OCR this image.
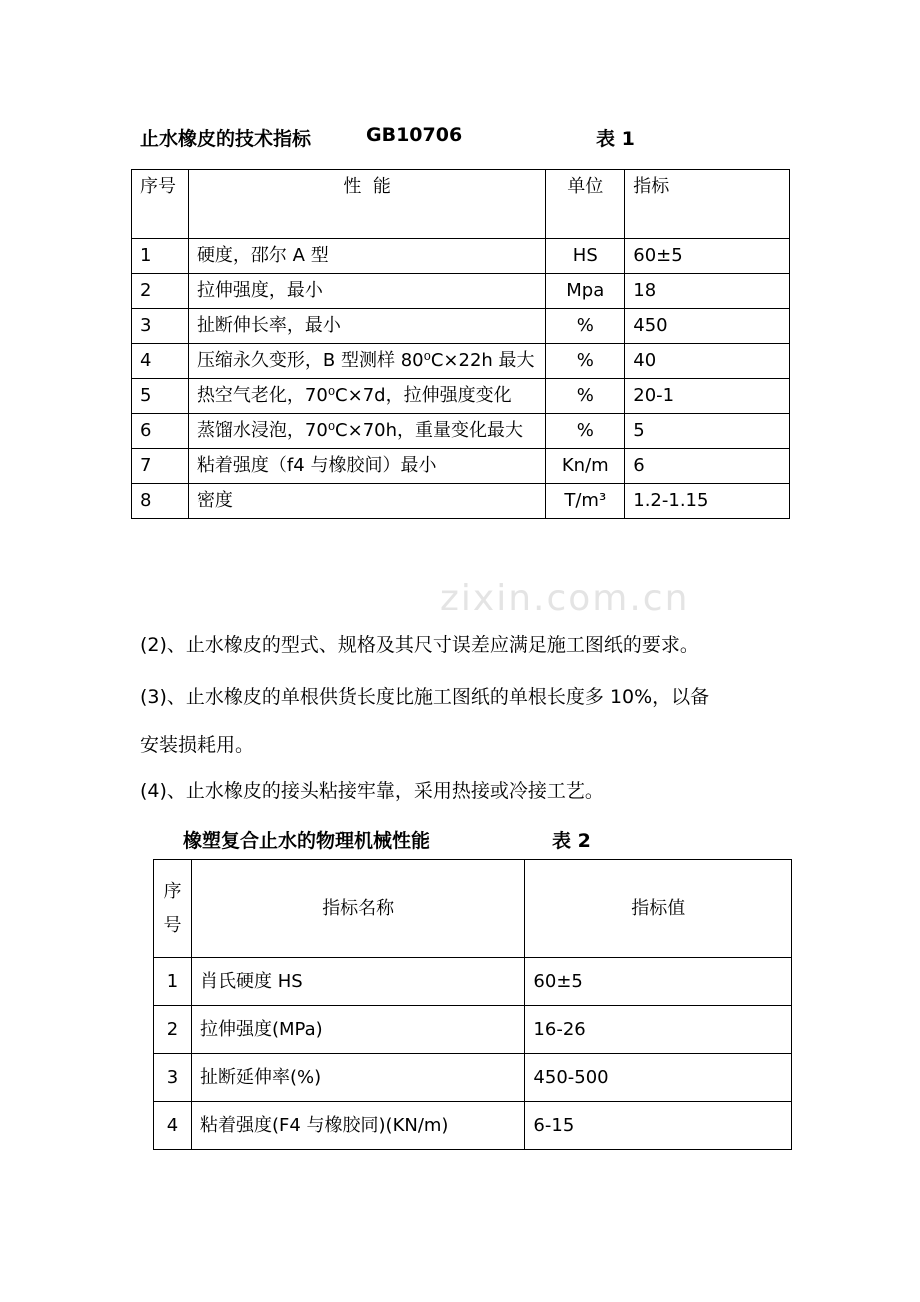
止水橡皮的技术指标	GB10706	表 1
序号	性  能	单位	指标
1	硬度，邵尔 A 型	HS	60±5
2	拉伸强度，最小	Mpa	18
3	扯断伸长率，最小	%	450
4	压缩永久变形，B 型测样 80⁰C×22h 最大	%	40
5	热空气老化，70⁰C×7d，拉伸强度变化	%	20-1
6	蒸馏水浸泡，70⁰C×70h，重量变化最大	%	5
7	粘着强度（f4 与橡胶间）最小	Kn/m	6
8	密度	T/m³	1.2-1.15
zixin.com.cn
(2)、止水橡皮的型式、规格及其尺寸误差应满足施工图纸的要求。
(3)、止水橡皮的单根供货长度比施工图纸的单根长度多 10%，以备
安装损耗用。
(4)、止水橡皮的接头粘接牢靠，采用热接或冷接工艺。
橡塑复合止水的物理机械性能	表 2
序号	指标名称	指标值
1	肖氏硬度 HS	60±5
2	拉伸强度(MPa)	16-26
3	扯断延伸率(%)	450-500
4	粘着强度(F4 与橡胶同)(KN/m)	6-15
